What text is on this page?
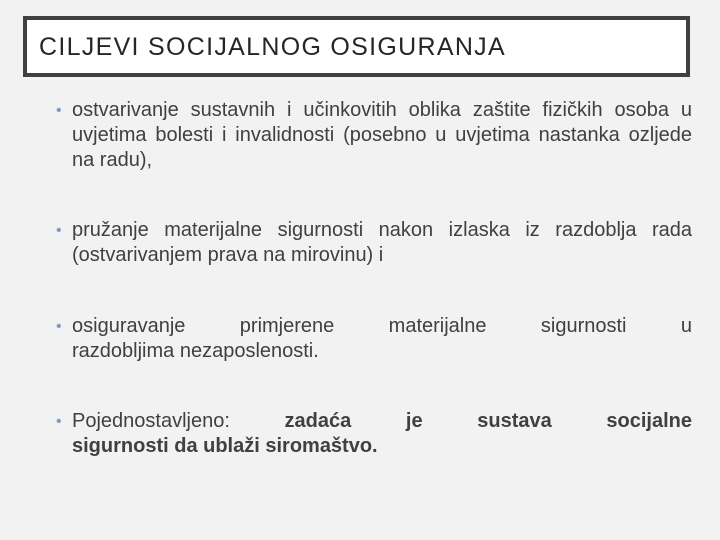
CILJEVI SOCIJALNOG OSIGURANJA
• ostvarivanje sustavnih i učinkovitih oblika zaštite fizičkih osoba u uvjetima bolesti i invalidnosti (posebno u uvjetima nastanka ozljede na radu),
• pružanje materijalne sigurnosti nakon izlaska iz razdoblja rada (ostvarivanjem prava na mirovinu) i
• osiguravanje primjerene materijalne sigurnosti u
razdobljima nezaposlenosti.
• Pojednostavljeno:	zadaća je sustava socijalne
sigurnosti da ublaži siromaštvo.
